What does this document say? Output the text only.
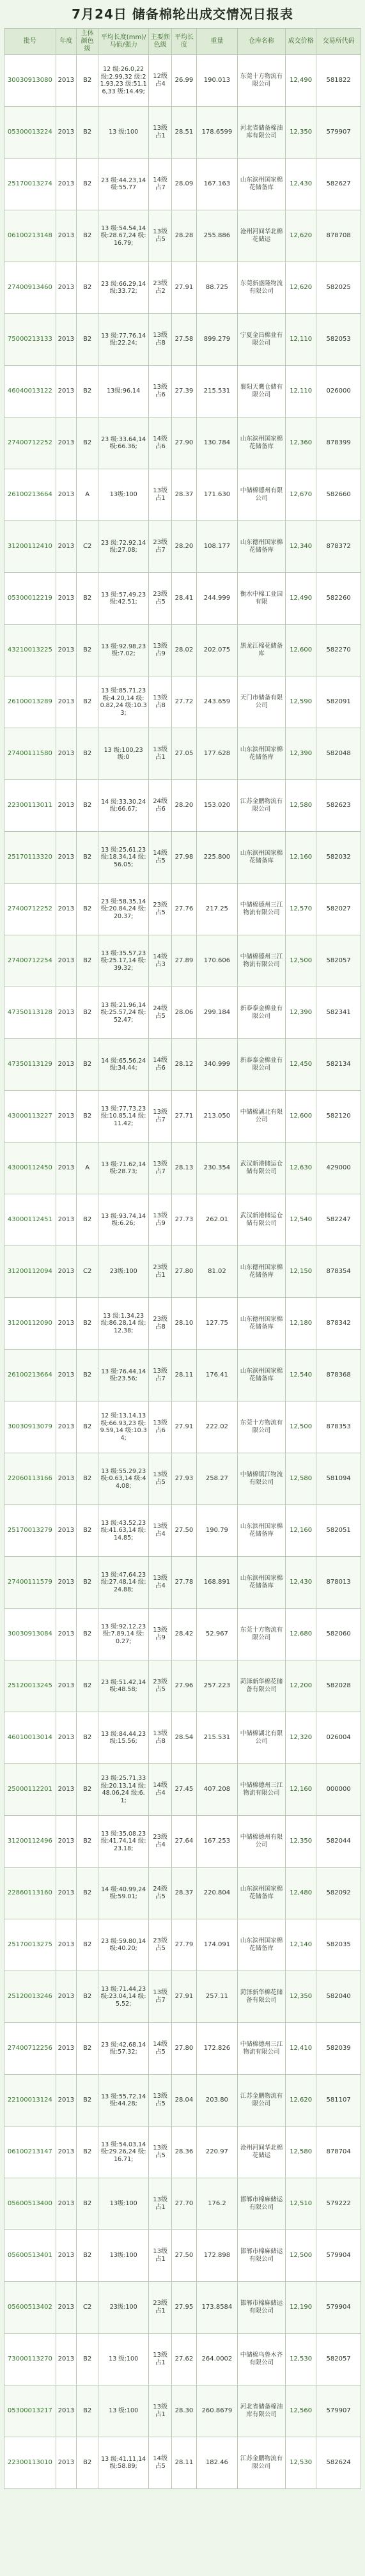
7月24日 储备棉轮出成交情况日报表
批号	年度	主体颜色级	平均长度(mm)/马值/强力	主要颜色级	平均长度	重量	仓库名称	成交价格	交易所代码
30030913080	2013	B2	12 级:26.0,22 级:2.99,32 级:21.93,23 级:51.16,33 级:14.49;	12级占4	26.99	190.013	东莞十方物流有限公司	12,490	581822
05300013224	2013	B2	13 级:100	13级占1	28.51	178.6599	河北省储备棉油库有限公司	12,350	579907
25170013274	2013	B2	23 级:44.23,14 级:55.77	14级占7	28.09	167.163	山东滨州国家棉花储备库	12,430	582627
06100213148	2013	B2	13 级:54.54,14 级:28.67,24 级:16.79;	13级占5	28.28	255.886	沧州河间华北棉花储运	12,620	878708
27400913460	2013	B2	23 级:66.29,14 级:33.72;	23级占2	27.91	88.725	东莞新盛隆物流有限公司	12,620	582025
75000213133	2013	B2	13 级:77.76,14 级:22.24;	13级占8	27.58	899.279	宁夏金昌棉业有限公司	12,110	582053
46040013122	2013	B2	13级:96.14	13级占6	27.39	215.531	襄阳天鹰仓储有限公司	12,110	026000
27400712252	2013	B2	23 级:33.64,14 级:66.36;	14级占6	27.90	130.784	山东滨州国家棉花储备库	12,360	878399
26100213664	2013	A	13级:100	13级占1	28.37	171.630	中储棉德州有限公司	12,670	582660
31200112410	2013	C2	23 级:72.92,14 级:27.08;	23级占7	28.20	108.177	山东德州国家棉花储备库	12,340	878372
05300012219	2013	B2	13 级:57.49,23 级:42.51;	23级占5	28.41	244.999	衡水中棉工业园有限	12,490	582260
43210013225	2013	B2	13 级:92.98,23 级:7.02;	13级占9	28.02	202.075	黑龙江棉花储备库	12,600	582270
26100013289	2013	B2	13 级:85.71,23 级:4.20,14 级:0.82,24 级:10.33;	13级占8	27.72	243.659	天门市储备有限公司	12,590	582091
27400111580	2013	B2	13 级:100,23 级:0	13级占1	27.05	177.628	山东滨州国家棉花储备库	12,390	582048
22300113011	2013	B2	14 级:33.30,24 级:66.67;	24级占6	28.20	153.020	江苏金鹏物流有限公司	12,580	582623
25170113320	2013	B2	13 级:25.61,23 级:18.34,14 级:56.05;	14级占5	27.98	225.800	山东滨州国家棉花储备库	12,160	582032
27400712252	2013	B2	23 级:58.35,14 级:20.84,24 级:20.37;	23级占5	27.76	217.25	中储棉德州三江物流有限公司	12,570	582027
27400712254	2013	B2	13 级:35.57,23 级:25.17,14 级:39.32;	14级占3	27.89	170.606	中储棉德州三江物流有限公司	12,500	582057
47350113128	2013	B2	13 级:21.96,14 级:25.57,24 级:52.47;	24级占5	28.06	299.184	新泰泰金棉业有限公司	12,390	582341
47350113129	2013	B2	14 级:65.56,24 级:34.44;	14级占6	28.12	340.999	新泰泰金棉业有限公司	12,450	582134
43000113227	2013	B2	13 级:77.73,23 级:10.85,14 级:11.42;	13级占7	27.71	213.050	中储棉湖北有限公司	12,600	582120
43000112450	2013	A	13 级:71.62,14 级:28.73;	13级占7	28.13	230.354	武汉新港储运仓储有限公司	12,630	429000
43000112451	2013	B2	13 级:93.74,14 级:6.26;	13级占9	27.73	262.01	武汉新港储运仓储有限公司	12,540	582247
31200112094	2013	C2	23级:100	23级占1	27.80	81.02	山东德州国家棉花储备库	12,150	878354
31200112090	2013	B2	13 级:1.34,23 级:86.28,14 级:12.38;	23级占8	28.10	127.75	山东德州国家棉花储备库	12,180	878342
26100213664	2013	B2	13 级:76.44,14 级:23.56;	13级占7	28.11	176.41	山东滨州国家棉花储备库	12,540	878368
30030913079	2013	B2	12 级:13.14,13 级:66.93,23 级:9.59,14 级:10.34;	13级占6	27.91	222.02	东莞十方物流有限公司	12,500	878353
22060113166	2013	B2	13 级:55.29,23 级:0.63,14 级:44.08;	13级占5	27.93	258.27	中储棉镇江物流有限公司	12,580	581094
25170013279	2013	B2	13 级:43.52,23 级:41.63,14 级:14.85;	13级占4	27.50	190.79	山东滨州国家棉花储备库	12,160	582051
27400111579	2013	B2	13 级:47.64,23 级:27.48,14 级:24.88;	13级占4	27.78	168.891	山东滨州国家棉花储备库	12,430	878013
30030913084	2013	B2	13 级:92.12,23 级:7.89,14 级:0.27;	13级占9	28.42	52.967	东莞十方物流有限公司	12,680	582060
25120013245	2013	B2	23 级:51.42,14 级:48.58;	23级占5	27.96	257.223	菏泽新华棉花储备有限公司	12,200	582028
46010013014	2013	B2	13 级:84.44,23 级:15.56;	13级占8	28.54	215.531	中储棉湖北有限公司	12,320	026004
25000112201	2013	B2	23 级:25.71,33 级:20.13,14 级:48.06,24 级:6.1;	14级占4	27.45	407.208	中储棉德州三江物流有限公司	12,160	000000
31200112496	2013	B2	13 级:35.08,23 级:41.74,14 级:23.18;	23级占4	27.64	167.253	中储棉德州有限公司	12,350	582044
22860113160	2013	B2	14 级:40.99,24 级:59.01;	24级占5	28.37	220.804	山东滨州国家棉花储备库	12,480	582092
25170013275	2013	B2	23 级:59.80,14 级:40.20;	23级占5	27.79	174.091	山东滨州国家棉花储备库	12,140	582035
25120013246	2013	B2	13 级:71.44,23 级:23.04,14 级:5.52;	13级占7	27.91	257.11	菏泽新华棉花储备有限公司	12,350	582040
27400712256	2013	B2	23 级:42.68,14 级:57.32;	14级占5	27.80	172.826	中储棉德州三江物流有限公司	12,410	582039
22100013124	2013	B2	13 级:55.72,14 级:44.28;	13级占5	28.04	203.80	江苏金鹏物流有限公司	12,620	581107
06100213147	2013	B2	13 级:54.03,14 级:29.26,24 级:16.71;	13级占5	28.36	220.97	沧州河间华北棉花储运	12,580	878704
05600513400	2013	B2	13级:100	13级占1	27.70	176.2	邯郸市棉麻储运有限公司	12,510	579222
05600513401	2013	B2	13级:100	13级占1	27.50	172.898	邯郸市棉麻储运有限公司	12,500	579904
05600513402	2013	C2	23级:100	23级占1	27.95	173.8584	邯郸市棉麻储运有限公司	12,190	579904
73000113270	2013	B2	13 级:100	13级占1	27.62	264.0002	中储棉乌鲁木齐有限公司	12,530	582057
05300013217	2013	B2	13 级:100	13级占1	28.30	260.8679	河北省储备棉油库有限公司	12,560	579907
22300113010	2013	B2	13 级:41.11,14 级:58.89;	14级占5	28.11	182.46	江苏金鹏物流有限公司	12,530	582624
